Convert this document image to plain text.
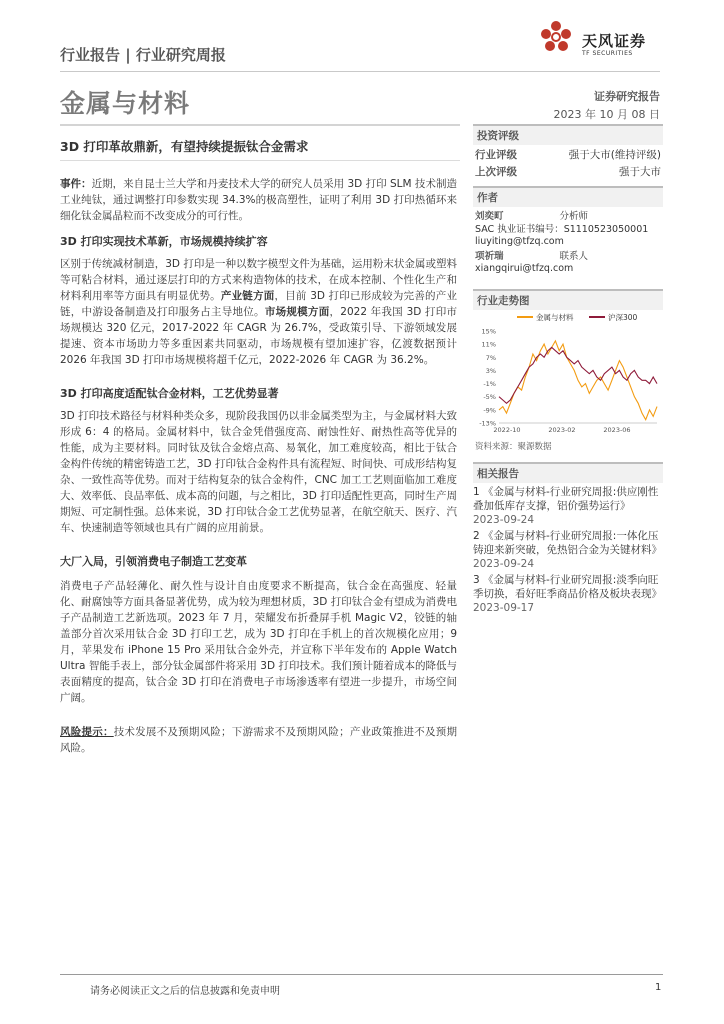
行业报告 | 行业研究周报
天风证券
TF SECURITIES
金属与材料	证券研究报告
2023 年 10 月 08 日
3D 打印革故鼎新，有望持续提振钛合金需求

事件：近期，来自昆士兰大学和丹麦技术大学的研究人员采用 3D 打印 SLM 技术制造工业纯钛，通过调整打印参数实现 34.3%的极高塑性，证明了利用 3D 打印热循环来细化钛金属晶粒而不改变成分的可行性。

3D 打印实现技术革新，市场规模持续扩容

区别于传统减材制造，3D 打印是一种以数字模型文件为基础，运用粉末状金属或塑料等可粘合材料，通过逐层打印的方式来构造物体的技术，在成本控制、个性化生产和材料利用率等方面具有明显优势。产业链方面，目前 3D 打印已形成较为完善的产业链，中游设备制造及打印服务占主导地位。市场规模方面，2022 年我国 3D 打印市场规模达 320 亿元，2017-2022 年 CAGR 为 26.7%，受政策引导、下游领域发展提速、资本市场助力等多重因素共同驱动，市场规模有望加速扩容，亿渡数据预计 2026 年我国 3D 打印市场规模将超千亿元，2022-2026 年 CAGR 为 36.2%。

3D 打印高度适配钛合金材料，工艺优势显著

3D 打印技术路径与材料种类众多，现阶段我国仍以非金属类型为主，与金属材料大致形成 6：4 的格局。金属材料中，钛合金凭借强度高、耐蚀性好、耐热性高等优异的性能，成为主要材料。同时钛及钛合金熔点高、易氧化，加工难度较高，相比于钛合金构件传统的精密铸造工艺，3D 打印钛合金构件具有流程短、时间快、可成形结构复杂、一致性高等优势。而对于结构复杂的钛合金构件，CNC 加工工艺则面临加工难度大、效率低、良品率低、成本高的问题，与之相比，3D 打印适配性更高，同时生产周期短、可定制性强。总体来说，3D 打印钛合金工艺优势显著，在航空航天、医疗、汽车、快速制造等领域也具有广阔的应用前景。

大厂入局，引领消费电子制造工艺变革

消费电子产品轻薄化、耐久性与设计自由度要求不断提高，钛合金在高强度、轻量化、耐腐蚀等方面具备显著优势，成为较为理想材质，3D 打印钛合金有望成为消费电子产品制造工艺新选项。2023 年 7 月，荣耀发布折叠屏手机 Magic V2，铰链的轴盖部分首次采用钛合金 3D 打印工艺，成为 3D 打印在手机上的首次规模化应用；9 月，苹果发布 iPhone 15 Pro 采用钛合金外壳，并宣称下半年发布的 Apple Watch Ultra 智能手表上，部分钛金属部件将采用 3D 打印技术。我们预计随着成本的降低与表面精度的提高，钛合金 3D 打印在消费电子市场渗透率有望进一步提升，市场空间广阔。

风险提示：技术发展不及预期风险；下游需求不及预期风险；产业政策推进不及预期风险。

投资评级
行业评级	强于大市(维持评级)
上次评级	强于大市
作者
刘奕町	分析师
SAC 执业证书编号：S1110523050001
liuyiting@tfzq.com
项祈瑞	联系人
xiangqirui@tfzq.com
行业走势图
金属与材料	沪深300
15%
11%
7%
3%
-1%
-5%
-9%
-13%
2022-10	2023-02	2023-06
资料来源：聚源数据
相关报告
1 《金属与材料-行业研究周报:供应刚性叠加低库存支撑，铝价强势运行》
2023-09-24
2 《金属与材料-行业研究周报:一体化压铸迎来新突破，免热铝合金为关键材料》
2023-09-24
3 《金属与材料-行业研究周报:淡季向旺季切换，看好旺季商品价格及板块表现》
2023-09-17
请务必阅读正文之后的信息披露和免责申明	1
